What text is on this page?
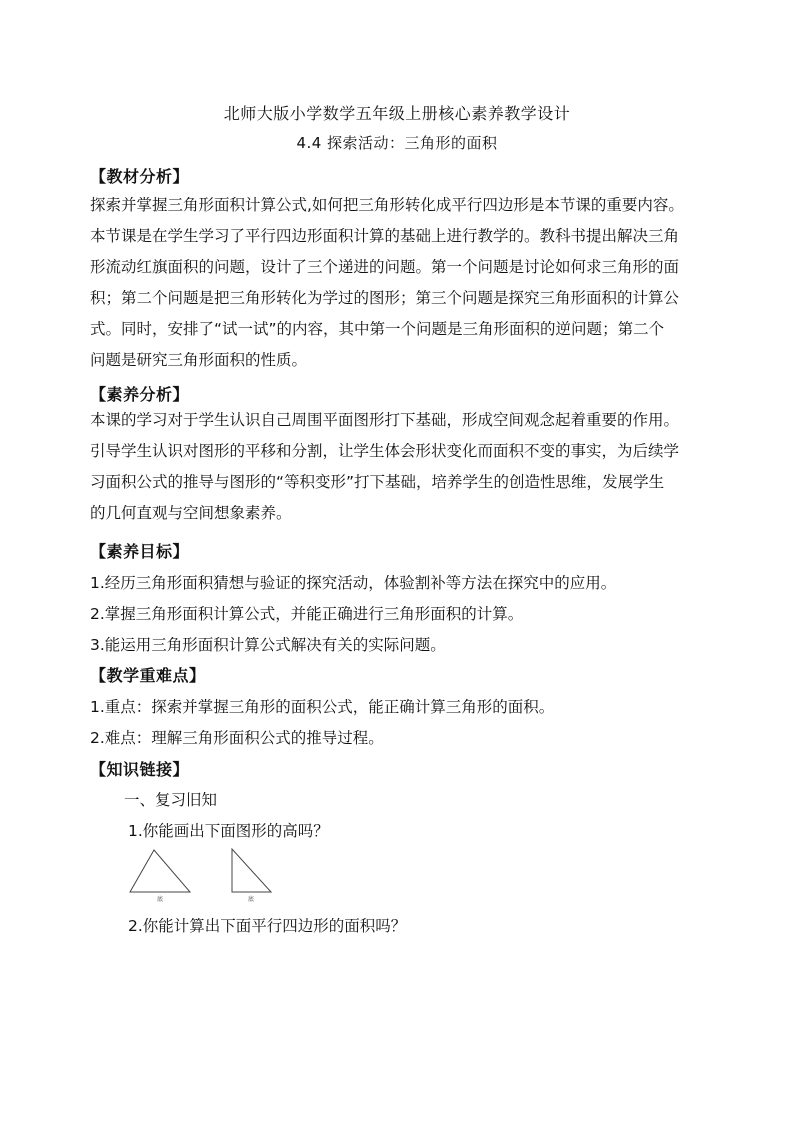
北师大版小学数学五年级上册核心素养教学设计
4.4 探索活动：三角形的面积
【教材分析】
探索并掌握三角形面积计算公式,如何把三角形转化成平行四边形是本节课的重要内容。
本节课是在学生学习了平行四边形面积计算的基础上进行教学的。教科书提出解决三角
形流动红旗面积的问题，设计了三个递进的问题。第一个问题是讨论如何求三角形的面
积；第二个问题是把三角形转化为学过的图形；第三个问题是探究三角形面积的计算公
式。同时，安排了“试一试”的内容，其中第一个问题是三角形面积的逆问题；第二个
问题是研究三角形面积的性质。
【素养分析】
本课的学习对于学生认识自己周围平面图形打下基础，形成空间观念起着重要的作用。
引导学生认识对图形的平移和分割，让学生体会形状变化而面积不变的事实，为后续学
习面积公式的推导与图形的“等积变形”打下基础，培养学生的创造性思维，发展学生
的几何直观与空间想象素养。
【素养目标】
1.经历三角形面积猜想与验证的探究活动，体验割补等方法在探究中的应用。
2.掌握三角形面积计算公式，并能正确进行三角形面积的计算。
3.能运用三角形面积计算公式解决有关的实际问题。
【教学重难点】
1.重点：探索并掌握三角形的面积公式，能正确计算三角形的面积。
2.难点：理解三角形面积公式的推导过程。
【知识链接】
一、复习旧知
1.你能画出下面图形的高吗？
底	底
2.你能计算出下面平行四边形的面积吗？
